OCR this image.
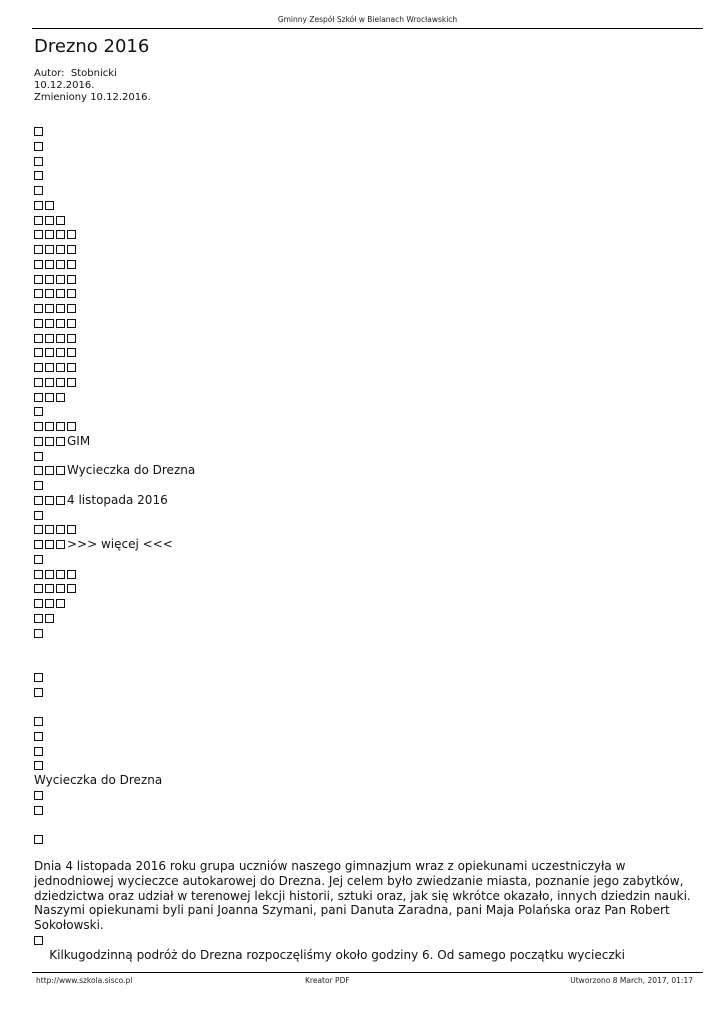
Gminny Zespół Szkół w Bielanach Wrocławskich
Drezno 2016
Autor:  Stobnicki
10.12.2016.
Zmieniony 10.12.2016.
GIM
Wycieczka do Drezna
4 listopada 2016
>>> więcej <<<
Wycieczka do Drezna
Dnia 4 listopada 2016 roku grupa uczniów naszego gimnazjum wraz z opiekunami uczestniczyła w jednodniowej wycieczce autokarowej do Drezna. Jej celem było zwiedzanie miasta, poznanie jego zabytków, dziedzictwa oraz udział w terenowej lekcji historii, sztuki oraz, jak się wkrótce okazało, innych dziedzin nauki. Naszymi opiekunami byli pani Joanna Szymani, pani Danuta Zaradna, pani Maja Polańska oraz Pan Robert Sokołowski.
Kilkugodzinną podróż do Drezna rozpoczęliśmy około godziny 6. Od samego początku wycieczki
http://www.szkola.sisco.pl	Kreator PDF	Utworzono 8 March, 2017, 01:17
